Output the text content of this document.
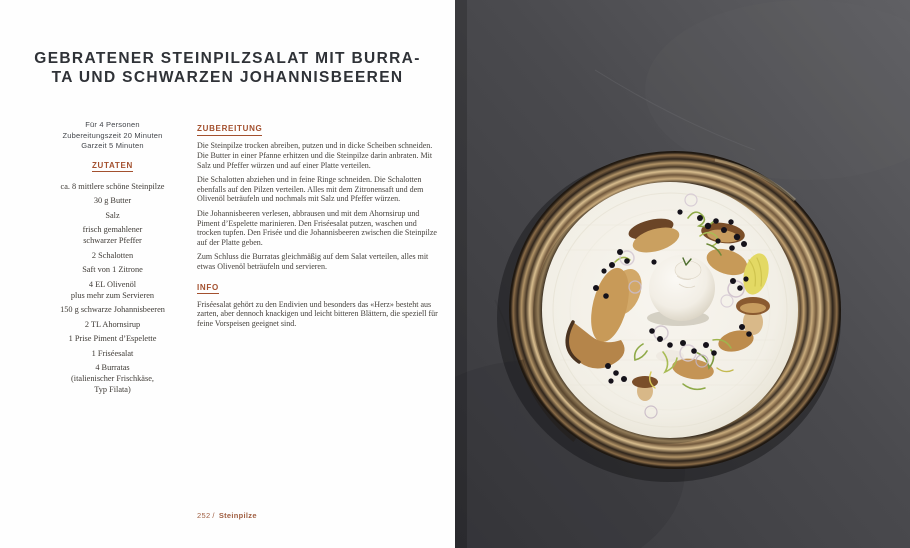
GEBRATENER STEINPILZSALAT MIT BURRA-
TA UND SCHWARZEN JOHANNISBEEREN
Für 4 Personen
Zubereitungszeit 20 Minuten
Garzeit 5 Minuten
ZUTATEN
ca. 8 mittlere schöne Steinpilze
30 g Butter
Salz
frisch gemahlener
schwarzer Pfeffer
2 Schalotten
Saft von 1 Zitrone
4 EL Olivenöl
plus mehr zum Servieren
150 g schwarze Johannisbeeren
2 TL Ahornsirup
1 Prise Piment d’Espelette
1 Friséesalat
4 Burratas
(italienischer Frischkäse,
Typ Filata)
ZUBEREITUNG

Die Steinpilze trocken abreiben, putzen und in dicke Scheiben schneiden. Die Butter in einer Pfanne erhitzen und die Steinpilze darin anbraten. Mit Salz und Pfeffer würzen und auf einer Platte verteilen.

Die Schalotten abziehen und in feine Ringe schneiden. Die Schalotten ebenfalls auf den Pilzen verteilen. Alles mit dem Zitronensaft und dem Olivenöl beträufeln und nochmals mit Salz und Pfeffer würzen.

Die Johannisbeeren verlesen, abbrausen und mit dem Ahornsirup und Piment d’Espelette marinieren. Den Friséesalat putzen, waschen und trocken tupfen. Den Frisée und die Johannisbeeren zwischen die Steinpilze auf der Platte geben.

Zum Schluss die Burratas gleichmäßig auf dem Salat verteilen, alles mit etwas Olivenöl beträufeln und servieren.

INFO

Friséesalat gehört zu den Endivien und besonders das «Herz» besteht aus zarten, aber dennoch knackigen und leicht bitteren Blättern, die speziell für feine Vorspeisen geeignet sind.

252 / Steinpilze
